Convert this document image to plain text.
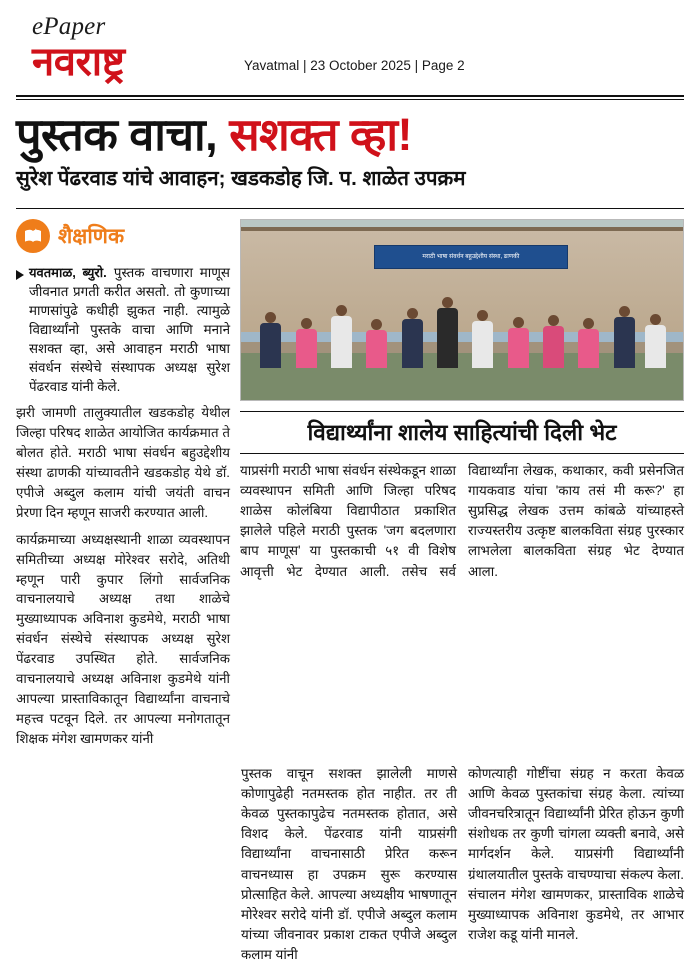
ePaper
नवराष्ट्र	Yavatmal | 23 October 2025 | Page 2
पुस्तक वाचा, सशक्त व्हा!
सुरेश पेंढरवाड यांचे आवाहन; खडकडोह जि. प. शाळेत उपक्रम
शैक्षणिक
यवतमाळ, ब्युरो. पुस्तक वाचणारा माणूस जीवनात प्रगती करीत असतो. तो कुणाच्या माणसांपुढे कधीही झुकत नाही. त्यामुळे विद्यार्थ्यांनो पुस्तके वाचा आणि मनाने सशक्त व्हा, असे आवाहन मराठी भाषा संवर्धन संस्थेचे संस्थापक अध्यक्ष सुरेश पेंढरवाड यांनी केले.

झरी जामणी तालुक्यातील खडकडोह येथील जिल्हा परिषद शाळेत आयोजित कार्यक्रमात ते बोलत होते. मराठी भाषा संवर्धन बहुउद्देशीय संस्था ढाणकी यांच्यावतीने खडकडोह येथे डॉ. एपीजे अब्दुल कलाम यांची जयंती वाचन प्रेरणा दिन म्हणून साजरी करण्यात आली.

कार्यक्रमाच्या अध्यक्षस्थानी शाळा व्यवस्थापन समितीच्या अध्यक्ष मोरेश्वर सरोदे, अतिथी म्हणून पारी कुपार लिंगो सार्वजनिक वाचनालयाचे अध्यक्ष तथा शाळेचे मुख्याध्यापक अविनाश कुडमेथे, मराठी भाषा संवर्धन संस्थेचे संस्थापक अध्यक्ष सुरेश पेंढरवाड उपस्थित होते. सार्वजनिक वाचनालयाचे अध्यक्ष अविनाश कुडमेथे यांनी आपल्या प्रास्ताविकातून विद्यार्थ्यांना वाचनाचे महत्त्व पटवून दिले. तर आपल्या मनोगतातून शिक्षक मंगेश खामणकर यांनी

मराठी भाषा संवर्धन बहुउद्देशीय संस्था, ढाणकी
विद्यार्थ्यांना शालेय साहित्यांची दिली भेट

याप्रसंगी मराठी भाषा संवर्धन संस्थेकडून शाळा व्यवस्थापन समिती आणि जिल्हा परिषद शाळेस कोलंबिया विद्यापीठात प्रकाशित झालेले पहिले मराठी पुस्तक 'जग बदलणारा बाप माणूस' या पुस्तकाची ५१ वी विशेष आवृत्ती भेट देण्यात आली. तसेच सर्व विद्यार्थ्यांना लेखक, कथाकार, कवी प्रसेनजित गायकवाड यांचा 'काय तसं मी करू?' हा सुप्रसिद्ध लेखक उत्तम कांबळे यांच्याहस्ते राज्यस्तरीय उत्कृष्ट बालकविता संग्रह पुरस्कार लाभलेला बालकविता संग्रह भेट देण्यात आला.

पुस्तक वाचून सशक्त झालेली माणसे कोणापुढेही नतमस्तक होत नाहीत. तर ती केवळ पुस्तकापुढेच नतमस्तक होतात, असे विशद केले. पेंढरवाड यांनी याप्रसंगी विद्यार्थ्यांना वाचनासाठी प्रेरित करून वाचनध्यास हा उपक्रम सुरू करण्यास प्रोत्साहित केले. आपल्या अध्यक्षीय भाषणातून मोरेश्वर सरोदे यांनी डॉ. एपीजे अब्दुल कलाम यांच्या जीवनावर प्रकाश टाकत एपीजे अब्दुल कलाम यांनी

कोणत्याही गोष्टींचा संग्रह न करता केवळ आणि केवळ पुस्तकांचा संग्रह केला. त्यांच्या जीवनचरित्रातून विद्यार्थ्यांनी प्रेरित होऊन कुणी संशोधक तर कुणी चांगला व्यक्ती बनावे, असे मार्गदर्शन केले. याप्रसंगी विद्यार्थ्यांनी ग्रंथालयातील पुस्तके वाचण्याचा संकल्प केला. संचालन मंगेश खामणकर, प्रास्ताविक शाळेचे मुख्याध्यापक अविनाश कुडमेथे, तर आभार राजेश कडू यांनी मानले.
